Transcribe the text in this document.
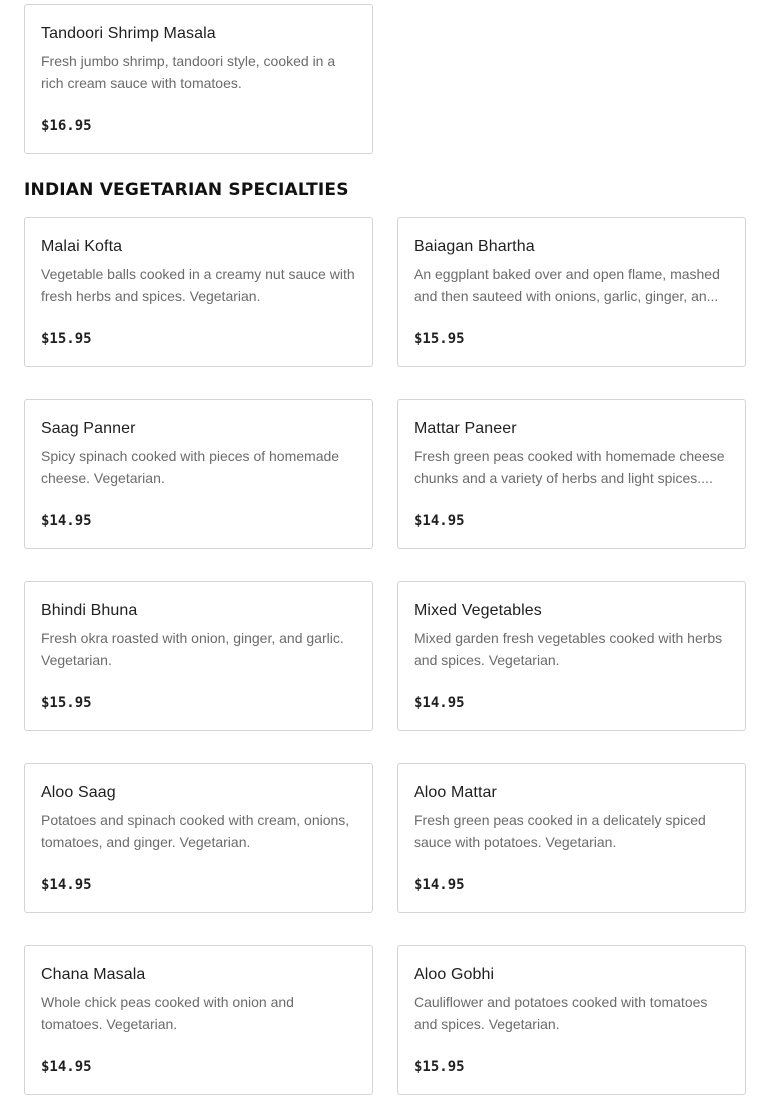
Tandoori Shrimp Masala
Fresh jumbo shrimp, tandoori style, cooked in a rich cream sauce with tomatoes.
$16.95
INDIAN VEGETARIAN SPECIALTIES
Malai Kofta
Vegetable balls cooked in a creamy nut sauce with fresh herbs and spices. Vegetarian.
$15.95
Baiagan Bhartha
An eggplant baked over and open flame, mashed and then sauteed with onions, garlic, ginger, an...
$15.95
Saag Panner
Spicy spinach cooked with pieces of homemade cheese. Vegetarian.
$14.95
Mattar Paneer
Fresh green peas cooked with homemade cheese chunks and a variety of herbs and light spices....
$14.95
Bhindi Bhuna
Fresh okra roasted with onion, ginger, and garlic. Vegetarian.
$15.95
Mixed Vegetables
Mixed garden fresh vegetables cooked with herbs and spices. Vegetarian.
$14.95
Aloo Saag
Potatoes and spinach cooked with cream, onions, tomatoes, and ginger. Vegetarian.
$14.95
Aloo Mattar
Fresh green peas cooked in a delicately spiced sauce with potatoes. Vegetarian.
$14.95
Chana Masala
Whole chick peas cooked with onion and tomatoes. Vegetarian.
$14.95
Aloo Gobhi
Cauliflower and potatoes cooked with tomatoes and spices. Vegetarian.
$15.95
